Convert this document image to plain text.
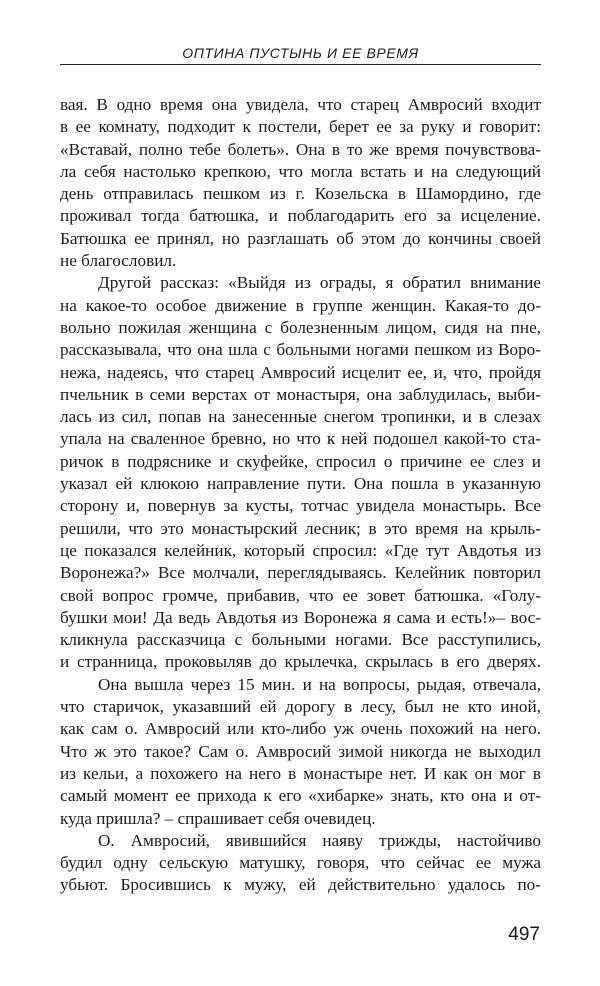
ОПТИНА ПУСТЫНЬ И ЕЕ ВРЕМЯ
вая. В одно время она увидела, что старец Амвросий входит
в ее комнату, подходит к постели, берет ее за руку и говорит:
«Вставай, полно тебе болеть». Она в то же время почувствова-
ла себя настолько крепкою, что могла встать и на следующий
день отправилась пешком из г. Козельска в Шамордино, где
проживал тогда батюшка, и поблагодарить его за исцеление.
Батюшка ее принял, но разглашать об этом до кончины своей
не благословил.
Другой рассказ: «Выйдя из ограды, я обратил внимание
на какое-то особое движение в группе женщин. Какая-то до-
вольно пожилая женщина с болезненным лицом, сидя на пне,
рассказывала, что она шла с больными ногами пешком из Воро-
нежа, надеясь, что старец Амвросий исцелит ее, и, что, пройдя
пчельник в семи верстах от монастыря, она заблудилась, выби-
лась из сил, попав на занесенные снегом тропинки, и в слезах
упала на сваленное бревно, но что к ней подошел какой-то ста-
ричок в подряснике и скуфейке, спросил о причине ее слез и
указал ей клюкою направление пути. Она пошла в указанную
сторону и, повернув за кусты, тотчас увидела монастырь. Все
решили, что это монастырский лесник; в это время на крыль-
це показался келейник, который спросил: «Где тут Авдотья из
Воронежа?» Все молчали, переглядываясь. Келейник повторил
свой вопрос громче, прибавив, что ее зовет батюшка. «Голу-
бушки мои! Да ведь Авдотья из Воронежа я сама и есть!»– вос-
кликнула рассказчица с больными ногами. Все расступились,
и странница, проковыляв до крылечка, скрылась в его дверях.
Она вышла через 15 мин. и на вопросы, рыдая, отвечала,
что старичок, указавший ей дорогу в лесу, был не кто иной,
как сам о. Амвросий или кто-либо уж очень похожий на него.
Что ж это такое? Сам о. Амвросий зимой никогда не выходил
из кельи, а похожего на него в монастыре нет. И как он мог в
самый момент ее прихода к его «хибарке» знать, кто она и от-
куда пришла? – спрашивает себя очевидец.
О. Амвросий, явившийся наяву трижды, настойчиво
будил одну сельскую матушку, говоря, что сейчас ее мужа
убьют. Бросившись к мужу, ей действительно удалось по-
497
